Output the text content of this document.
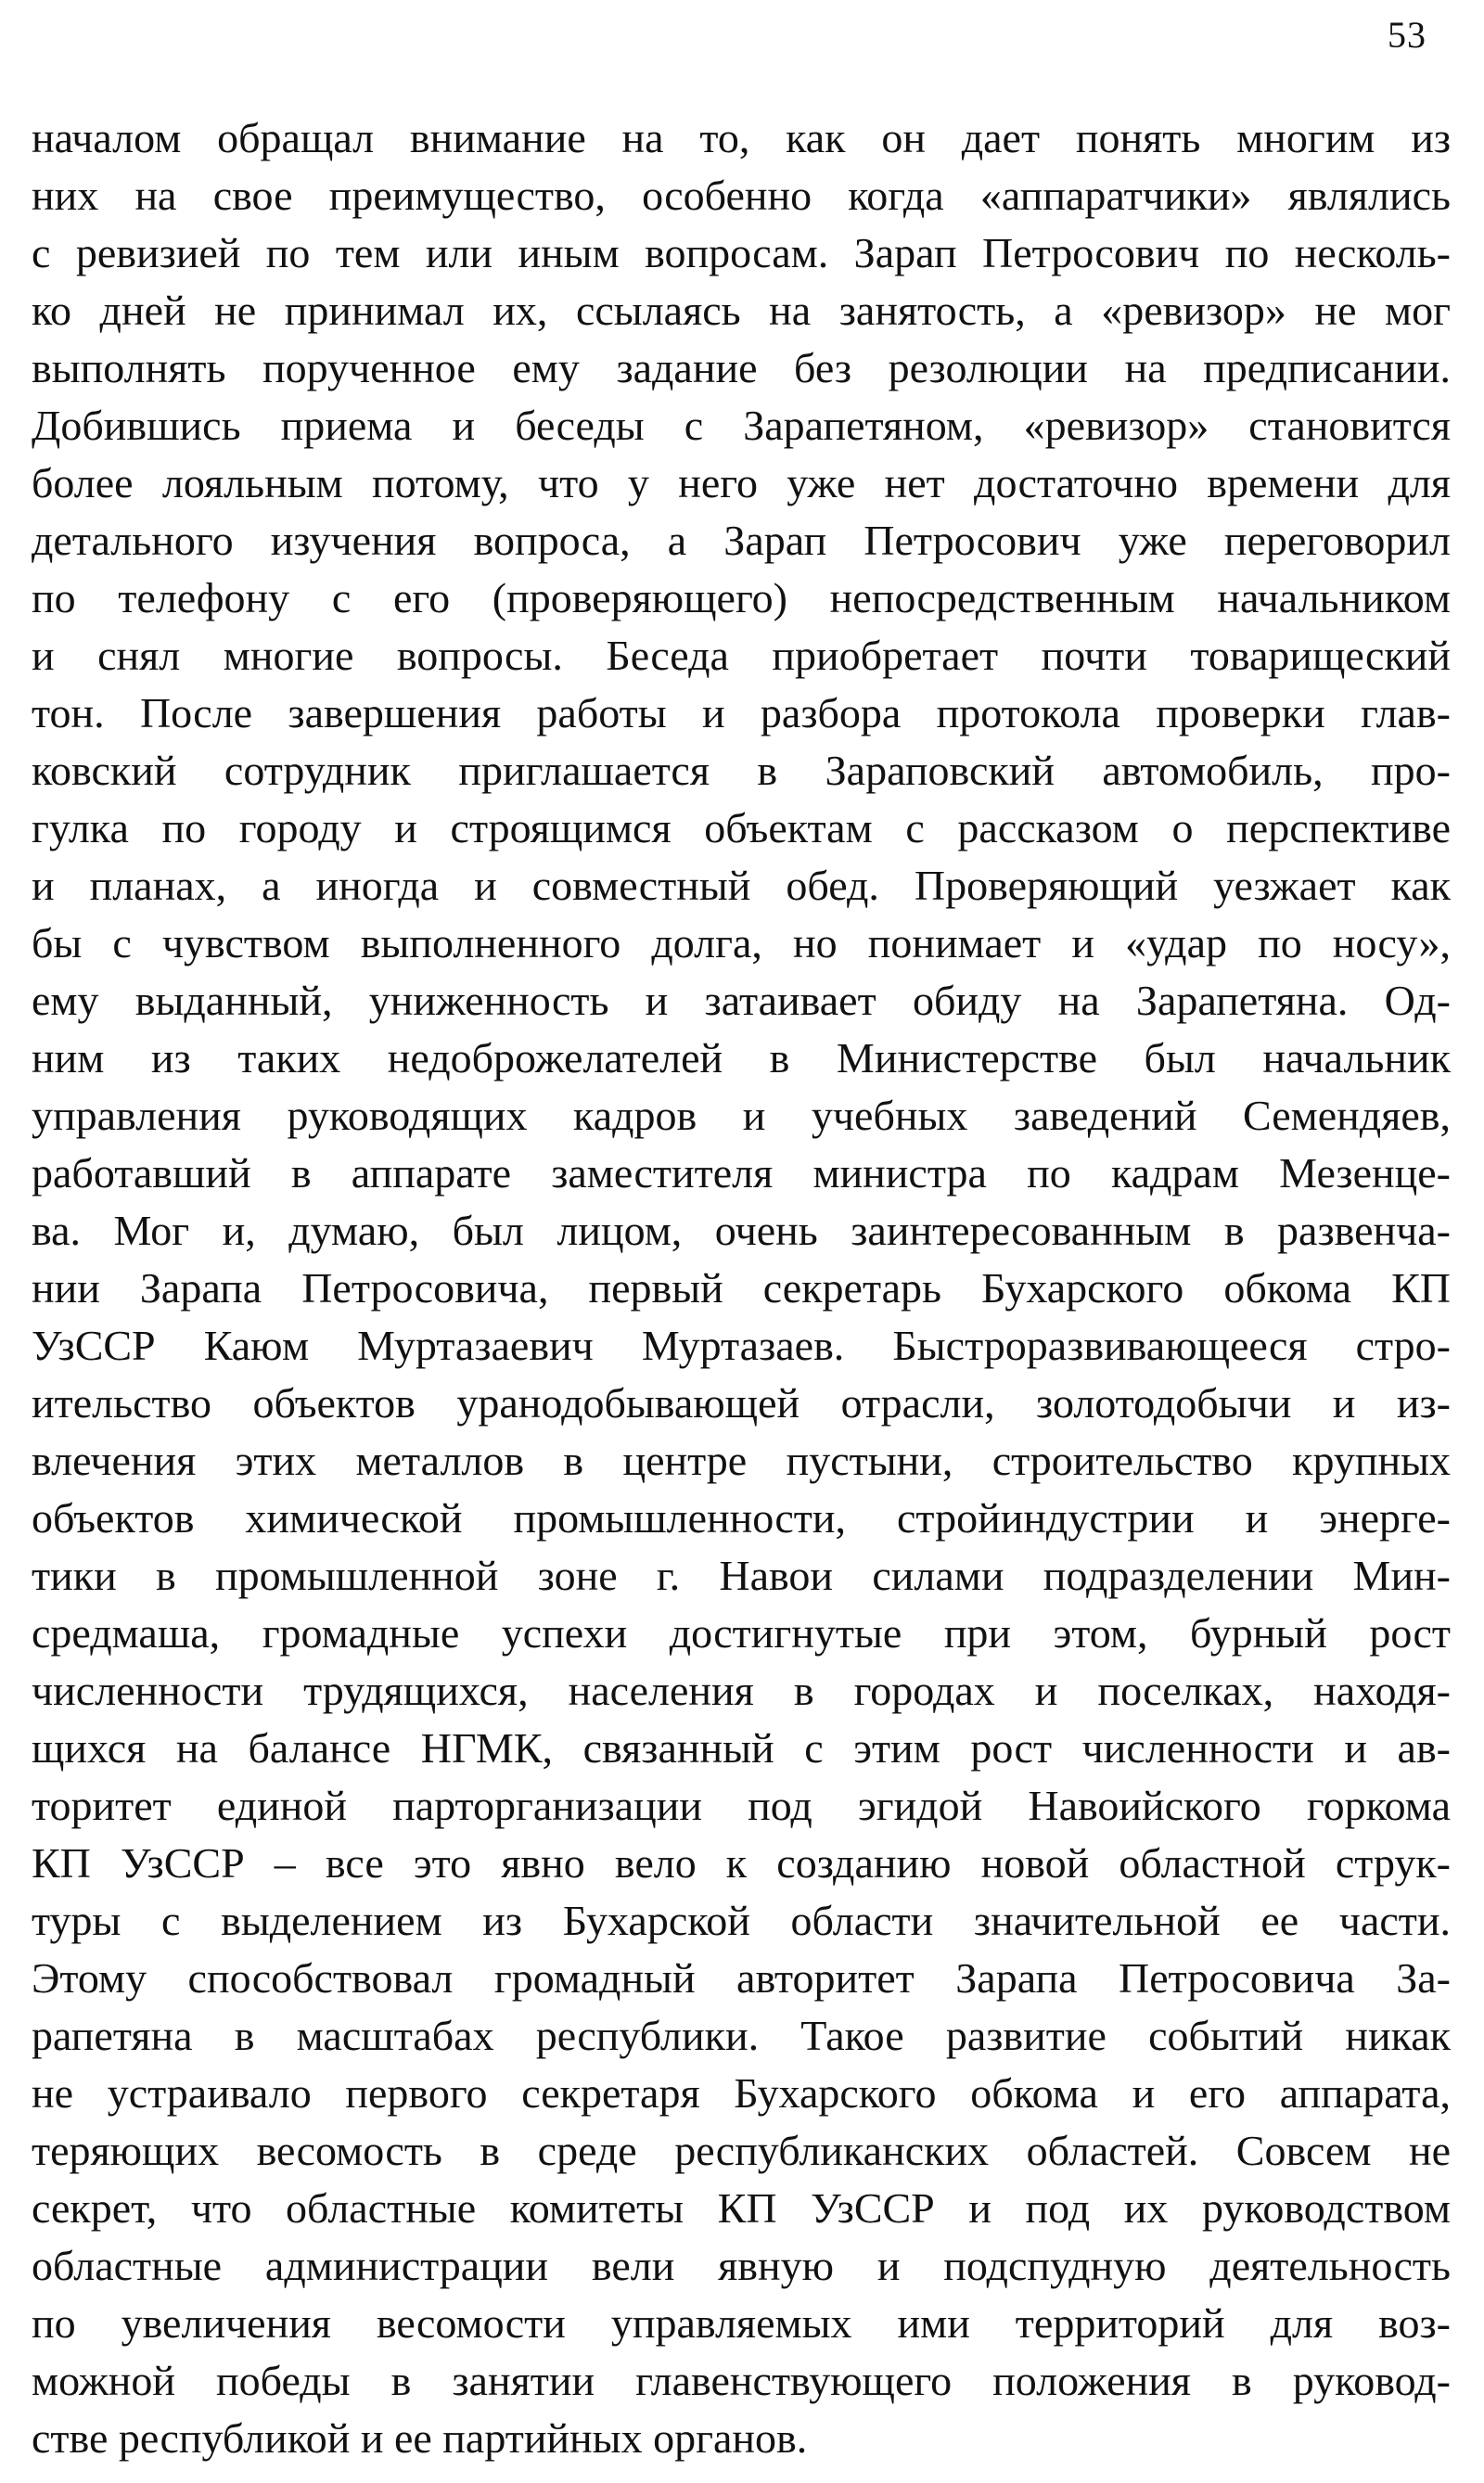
53
началом обращал внимание на то, как он дает понять многим из
них на свое преимущество, особенно когда «аппаратчики» являлись
с ревизией по тем или иным вопросам. Зарап Петросович по несколь-
ко дней не принимал их, ссылаясь на занятость, а «ревизор» не мог
выполнять порученное ему задание без резолюции на предписании.
Добившись приема и беседы с Зарапетяном, «ревизор» становится
более лояльным потому, что у него уже нет достаточно времени для
детального изучения вопроса, а Зарап Петросович уже переговорил
по телефону с его (проверяющего) непосредственным начальником
и снял многие вопросы. Беседа приобретает почти товарищеский
тон. После завершения работы и разбора протокола проверки глав-
ковский сотрудник приглашается в Зараповский автомобиль, про-
гулка по городу и строящимся объектам с рассказом о перспективе
и планах, а иногда и совместный обед. Проверяющий уезжает как
бы с чувством выполненного долга, но понимает и «удар по носу»,
ему выданный, униженность и затаивает обиду на Зарапетяна. Од-
ним из таких недоброжелателей в Министерстве был начальник
управления руководящих кадров и учебных заведений Семендяев,
работавший в аппарате заместителя министра по кадрам Мезенце-
ва. Мог и, думаю, был лицом, очень заинтересованным в развенча-
нии Зарапа Петросовича, первый секретарь Бухарского обкома КП
УзССР Каюм Муртазаевич Муртазаев. Быстроразвивающееся стро-
ительство объектов уранодобывающей отрасли, золотодобычи и из-
влечения этих металлов в центре пустыни, строительство крупных
объектов химической промышленности, стройиндустрии и энерге-
тики в промышленной зоне г. Навои силами подразделении Мин-
средмаша, громадные успехи достигнутые при этом, бурный рост
численности трудящихся, населения в городах и поселках, находя-
щихся на балансе НГМК, связанный с этим рост численности и ав-
торитет единой парторганизации под эгидой Навоийского горкома
КП УзССР – все это явно вело к созданию новой областной струк-
туры с выделением из Бухарской области значительной ее части.
Этому способствовал громадный авторитет Зарапа Петросовича За-
рапетяна в масштабах республики. Такое развитие событий никак
не устраивало первого секретаря Бухарского обкома и его аппарата,
теряющих весомость в среде республиканских областей. Совсем не
секрет, что областные комитеты КП УзССР и под их руководством
областные администрации вели явную и подспудную деятельность
по увеличения весомости управляемых ими территорий для воз-
можной победы в занятии главенствующего положения в руковод-
стве республикой и ее партийных органов.
